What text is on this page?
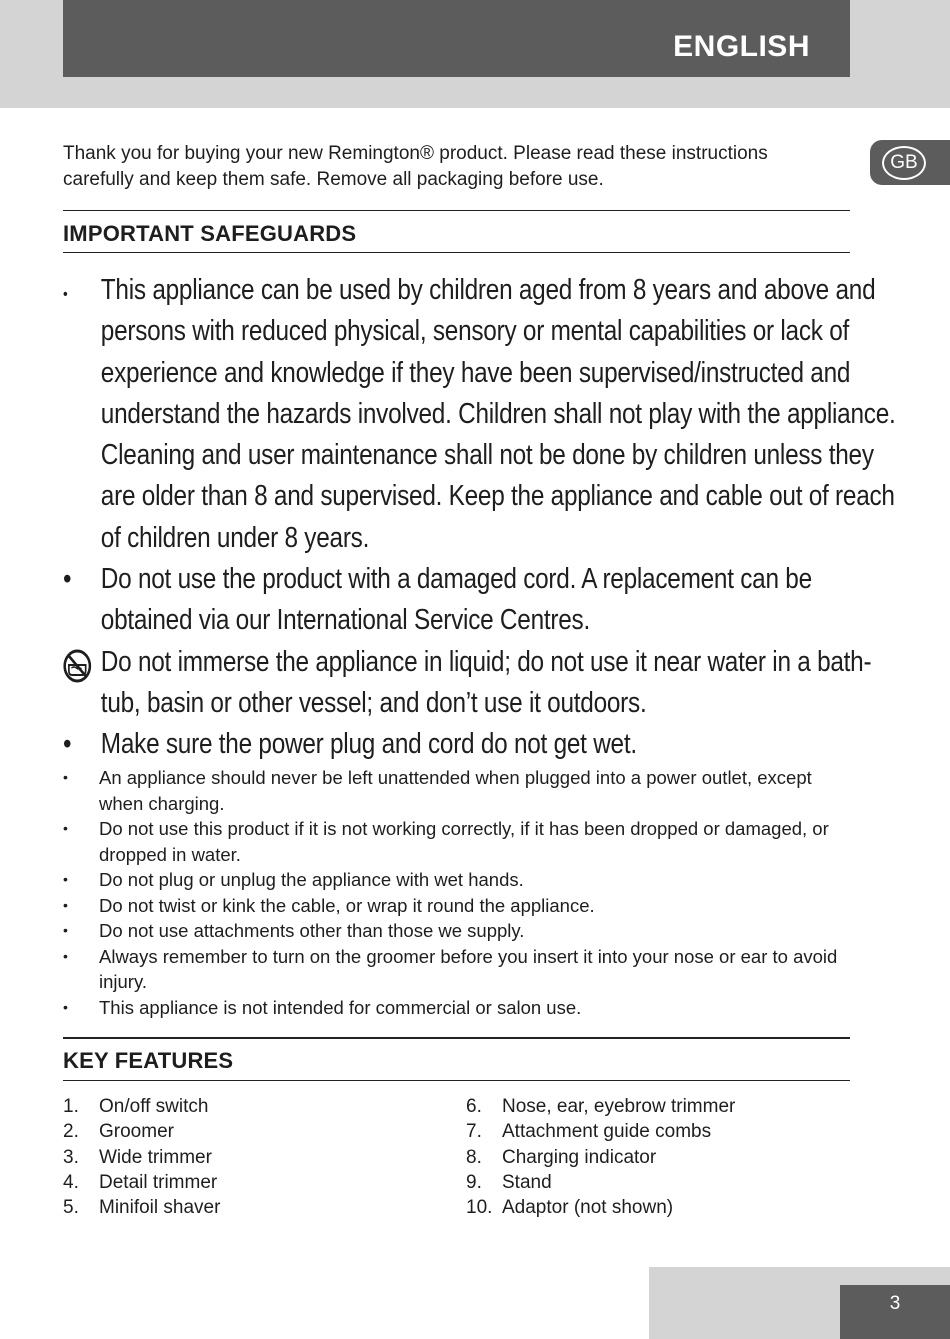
ENGLISH
GB
Thank you for buying your new Remington® product. Please read these instructions carefully and keep them safe. Remove all packaging before use.
IMPORTANT SAFEGUARDS
• This appliance can be used by children aged from 8 years and above and persons with reduced physical, sensory or mental capabilities or lack of experience and knowledge if they have been supervised/instructed and understand the hazards involved. Children shall not play with the appliance. Cleaning and user maintenance shall not be done by children unless they are older than 8 and supervised. Keep the appliance and cable out of reach of children under 8 years.
• Do not use the product with a damaged cord. A replacement can be obtained via our International Service Centres.
Do not immerse the appliance in liquid; do not use it near water in a bath-tub, basin or other vessel; and don’t use it outdoors.
• Make sure the power plug and cord do not get wet.
• An appliance should never be left unattended when plugged into a power outlet, except when charging.
• Do not use this product if it is not working correctly, if it has been dropped or damaged, or dropped in water.
• Do not plug or unplug the appliance with wet hands.
• Do not twist or kink the cable, or wrap it round the appliance.
• Do not use attachments other than those we supply.
• Always remember to turn on the groomer before you insert it into your nose or ear to avoid injury.
• This appliance is not intended for commercial or salon use.
KEY FEATURES
1. On/off switch
2. Groomer
3. Wide trimmer
4. Detail trimmer
5. Minifoil shaver
6. Nose, ear, eyebrow trimmer
7. Attachment guide combs
8. Charging indicator
9. Stand
10. Adaptor (not shown)
3
